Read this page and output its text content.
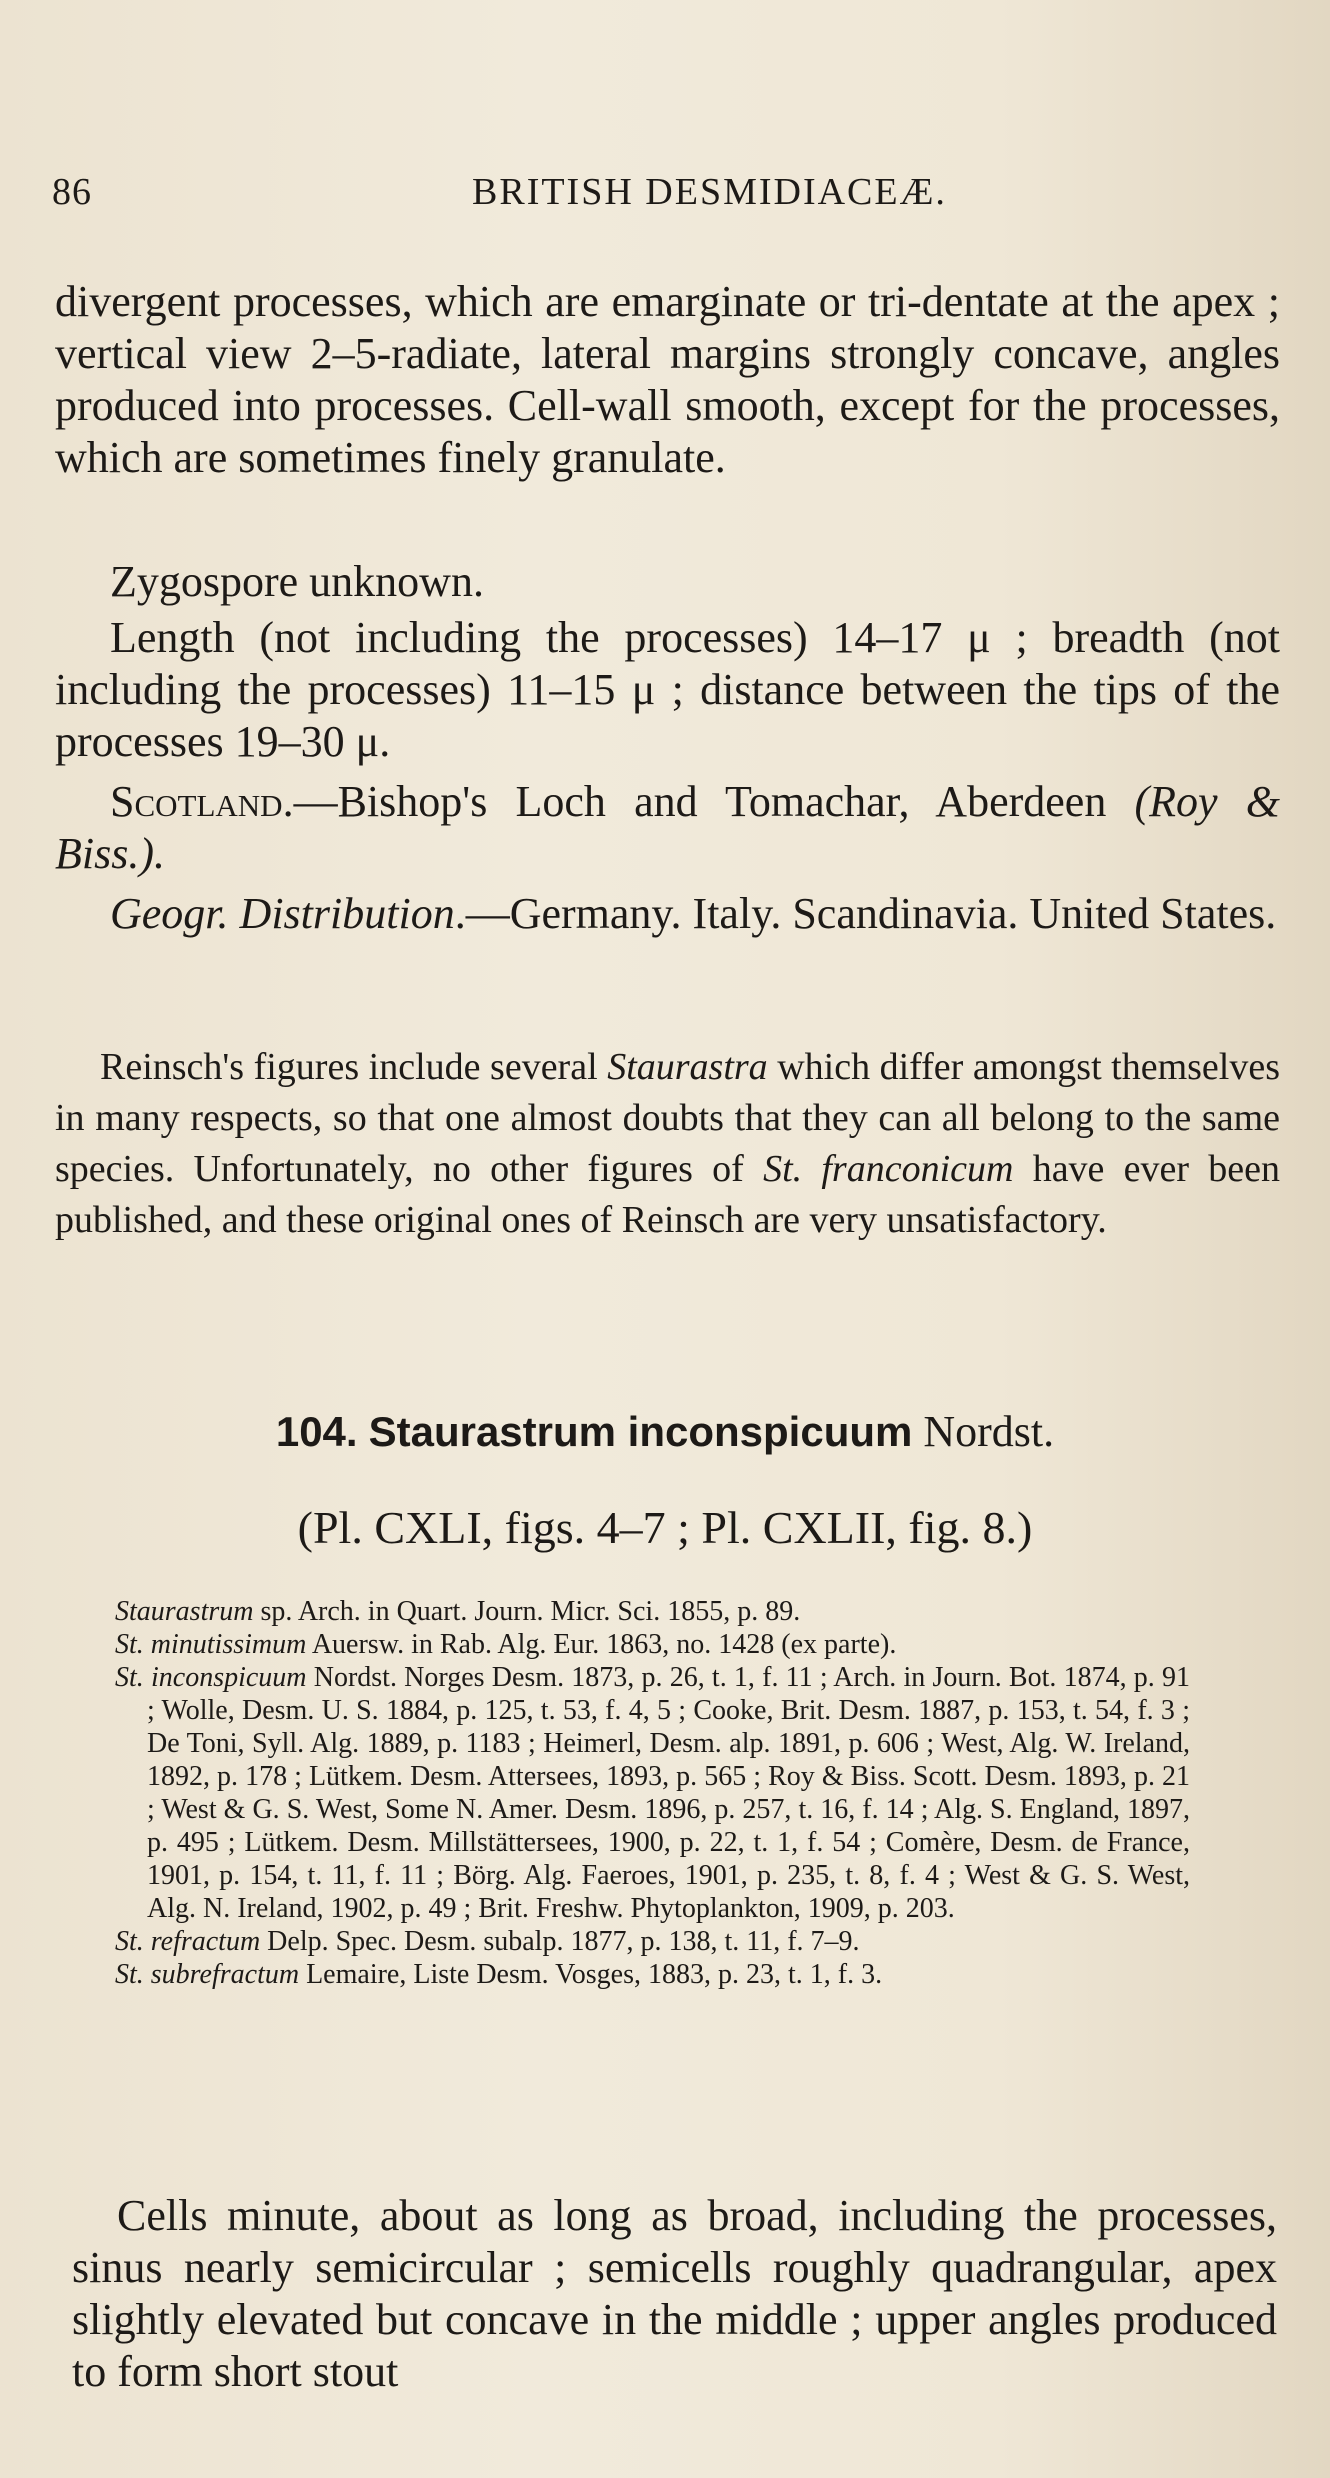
86	BRITISH DESMIDIACEÆ.

divergent processes, which are emarginate or tri-dentate at the apex ; vertical view 2–5-radiate, lateral margins strongly concave, angles produced into processes. Cell-wall smooth, except for the processes, which are sometimes finely granulate.

Zygospore unknown.

Length (not including the processes) 14–17 μ ; breadth (not including the processes) 11–15 μ ; distance between the tips of the processes 19–30 μ.

Scotland.—Bishop's Loch and Tomachar, Aberdeen (Roy & Biss.).

Geogr. Distribution.—Germany. Italy. Scandinavia. United States.

Reinsch's figures include several Staurastra which differ amongst themselves in many respects, so that one almost doubts that they can all belong to the same species. Unfortunately, no other figures of St. franconicum have ever been published, and these original ones of Reinsch are very unsatisfactory.

104. Staurastrum inconspicuum Nordst.

(Pl. CXLI, figs. 4–7 ; Pl. CXLII, fig. 8.)

Staurastrum sp. Arch. in Quart. Journ. Micr. Sci. 1855, p. 89.
St. minutissimum Auersw. in Rab. Alg. Eur. 1863, no. 1428 (ex parte).
St. inconspicuum Nordst. Norges Desm. 1873, p. 26, t. 1, f. 11 ; Arch. in Journ. Bot. 1874, p. 91 ; Wolle, Desm. U. S. 1884, p. 125, t. 53, f. 4, 5 ; Cooke, Brit. Desm. 1887, p. 153, t. 54, f. 3 ; De Toni, Syll. Alg. 1889, p. 1183 ; Heimerl, Desm. alp. 1891, p. 606 ; West, Alg. W. Ireland, 1892, p. 178 ; Lütkem. Desm. Attersees, 1893, p. 565 ; Roy & Biss. Scott. Desm. 1893, p. 21 ; West & G. S. West, Some N. Amer. Desm. 1896, p. 257, t. 16, f. 14 ; Alg. S. England, 1897, p. 495 ; Lütkem. Desm. Millstättersees, 1900, p. 22, t. 1, f. 54 ; Comère, Desm. de France, 1901, p. 154, t. 11, f. 11 ; Börg. Alg. Faeroes, 1901, p. 235, t. 8, f. 4 ; West & G. S. West, Alg. N. Ireland, 1902, p. 49 ; Brit. Freshw. Phytoplankton, 1909, p. 203.
St. refractum Delp. Spec. Desm. subalp. 1877, p. 138, t. 11, f. 7–9.
St. subrefractum Lemaire, Liste Desm. Vosges, 1883, p. 23, t. 1, f. 3.

Cells minute, about as long as broad, including the processes, sinus nearly semicircular ; semicells roughly quadrangular, apex slightly elevated but concave in the middle ; upper angles produced to form short stout
